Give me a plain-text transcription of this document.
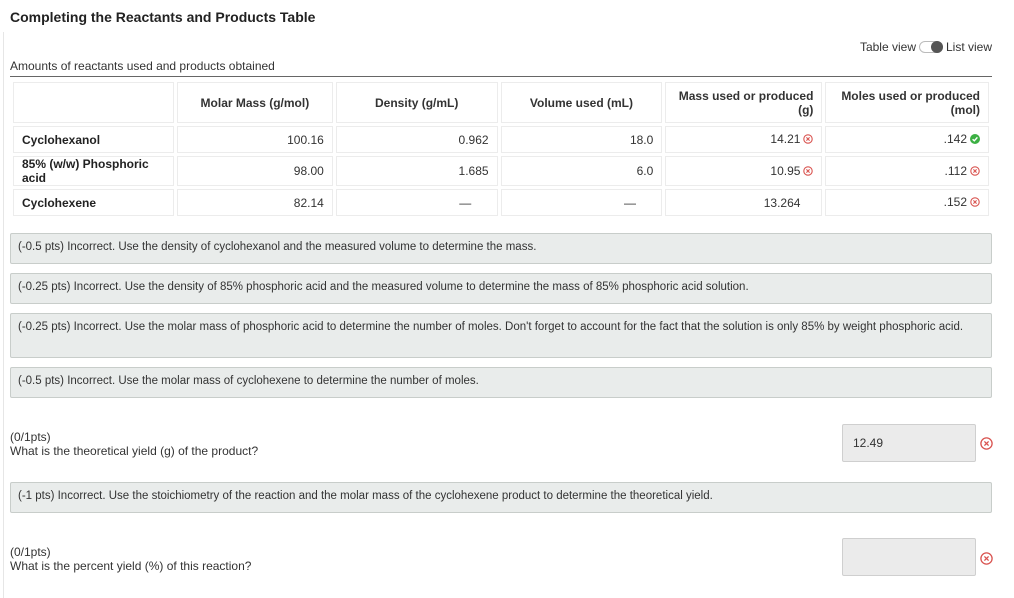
Completing the Reactants and Products Table
Table view	List view
Amounts of reactants used and products obtained
	Molar Mass (g/mol)	Density (g/mL)	Volume used (mL)	Mass used or produced (g)	Moles used or produced (mol)
Cyclohexanol	100.16	0.962	18.0	14.21	.142
85% (w/w) Phosphoric acid	98.00	1.685	6.0	10.95	.112
Cyclohexene	82.14	—	—	13.264	.152
(-0.5 pts) Incorrect. Use the density of cyclohexanol and the measured volume to determine the mass.
(-0.25 pts) Incorrect. Use the density of 85% phosphoric acid and the measured volume to determine the mass of 85% phosphoric acid solution.
(-0.25 pts) Incorrect. Use the molar mass of phosphoric acid to determine the number of moles. Don't forget to account for the fact that the solution is only 85% by weight phosphoric acid.
(-0.5 pts) Incorrect. Use the molar mass of cyclohexene to determine the number of moles.
(0/1pts)
What is the theoretical yield (g) of the product?
12.49
(-1 pts) Incorrect. Use the stoichiometry of the reaction and the molar mass of the cyclohexene product to determine the theoretical yield.
(0/1pts)
What is the percent yield (%) of this reaction?
